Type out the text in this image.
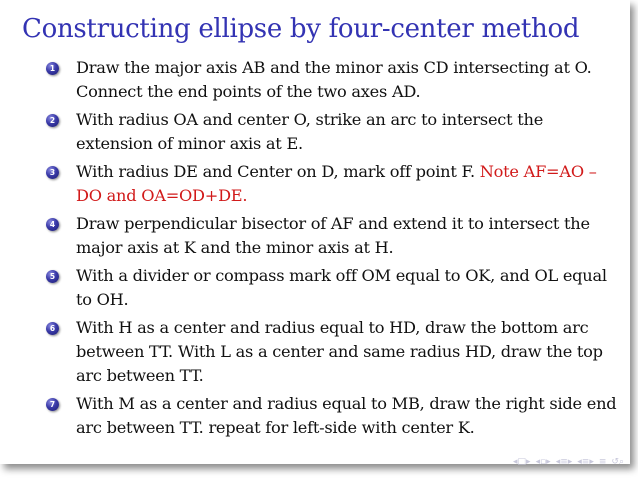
Constructing ellipse by four-center method
1 Draw the major axis AB and the minor axis CD intersecting at O. Connect the end points of the two axes AD.
2 With radius OA and center O, strike an arc to intersect the extension of minor axis at E.
3 With radius DE and Center on D, mark off point F. Note AF=AO – DO and OA=OD+DE.
4 Draw perpendicular bisector of AF and extend it to intersect the major axis at K and the minor axis at H.
5 With a divider or compass mark off OM equal to OK, and OL equal to OH.
6 With H as a center and radius equal to HD, draw the bottom arc between TT. With L as a center and same radius HD, draw the top arc between TT.
7 With M as a center and radius equal to MB, draw the right side end arc between TT. repeat for left-side with center K.
◂□▸ ◂▫▸ ◂≡▸ ◂≡▸ ≡ ↺⌕
